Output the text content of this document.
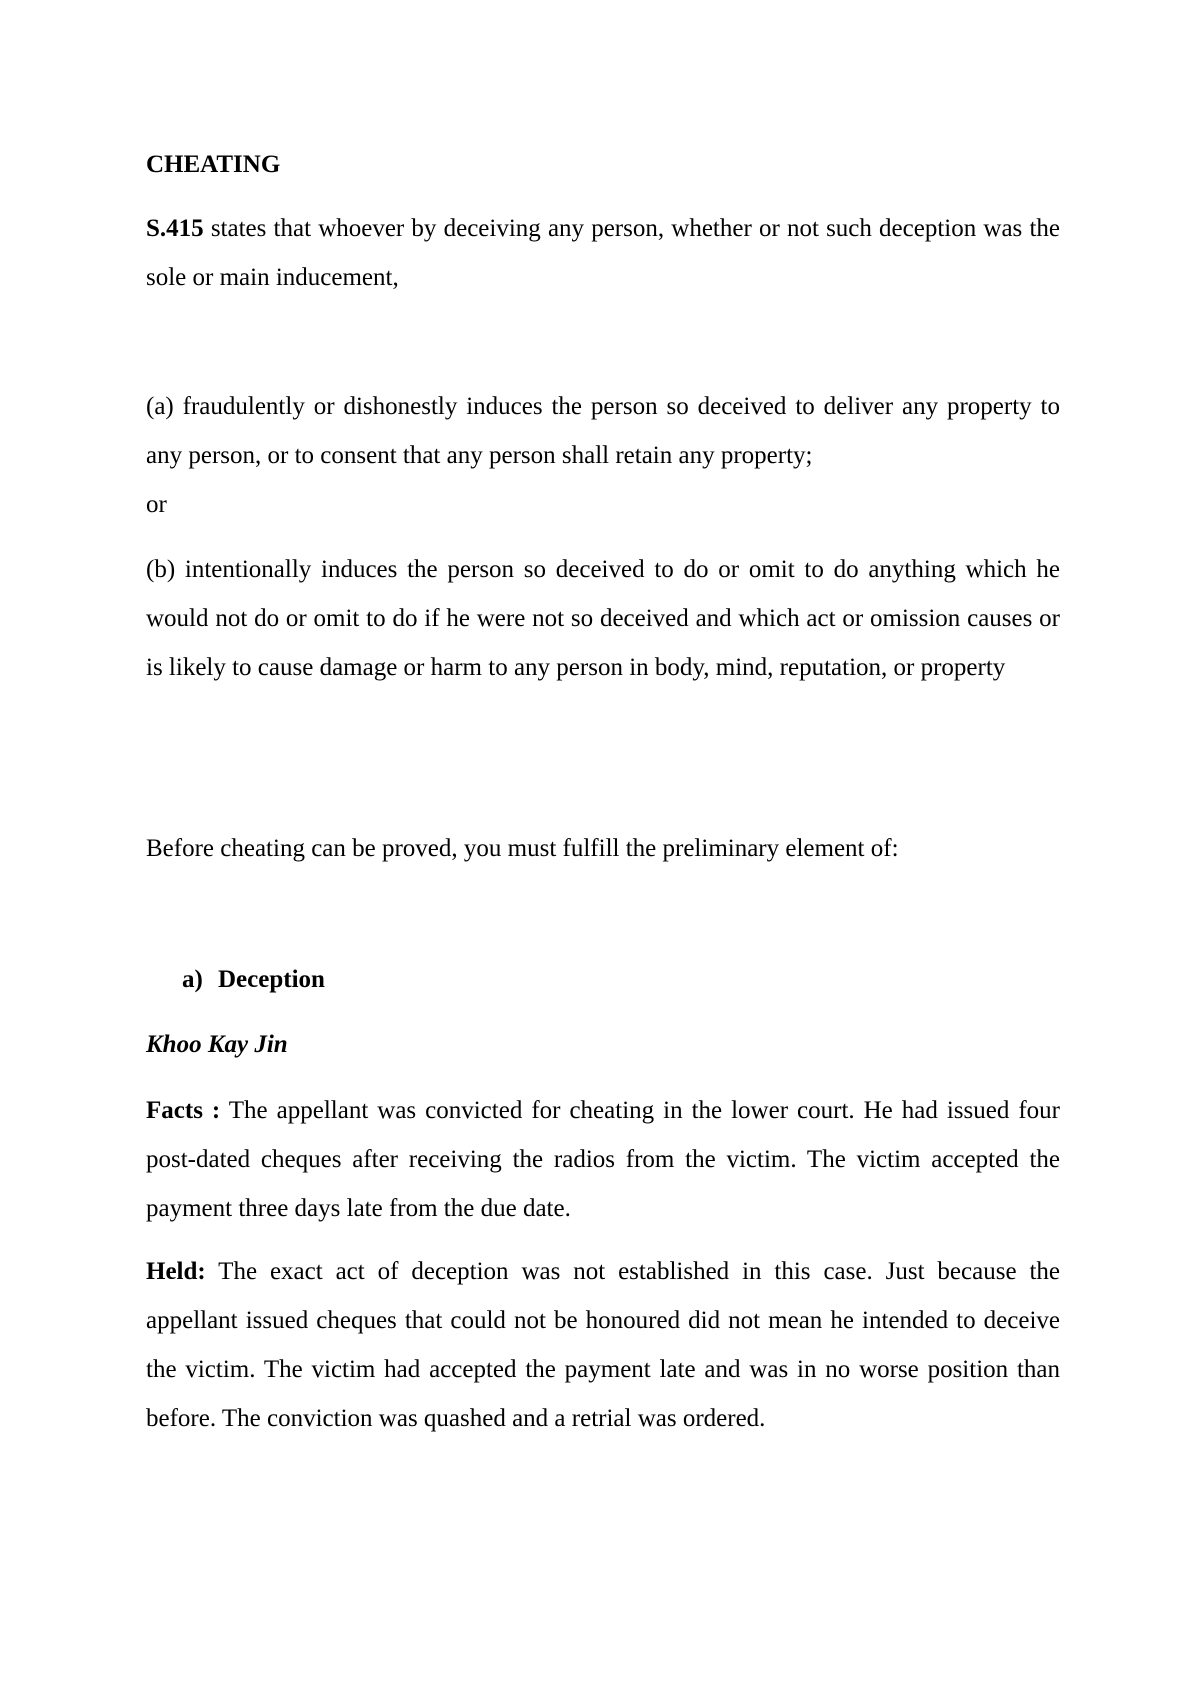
CHEATING

S.415 states that whoever by deceiving any person, whether or not such deception was the sole or main inducement,

(a) fraudulently or dishonestly induces the person so deceived to deliver any property to any person, or to consent that any person shall retain any property;
or

(b) intentionally induces the person so deceived to do or omit to do anything which he would not do or omit to do if he were not so deceived and which act or omission causes or is likely to cause damage or harm to any person in body, mind, reputation, or property

Before cheating can be proved, you must fulfill the preliminary element of:

a) Deception

Khoo Kay Jin

Facts : The appellant was convicted for cheating in the lower court. He had issued four post-dated cheques after receiving the radios from the victim. The victim accepted the payment three days late from the due date.

Held: The exact act of deception was not established in this case. Just because the appellant issued cheques that could not be honoured did not mean he intended to deceive the victim. The victim had accepted the payment late and was in no worse position than before. The conviction was quashed and a retrial was ordered.
